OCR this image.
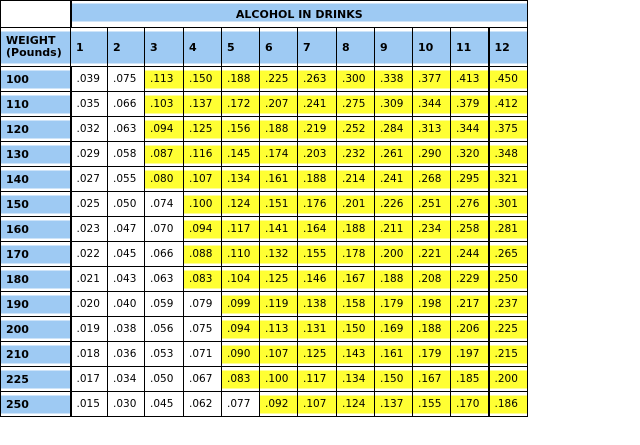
	ALCOHOL IN DRINKS											
WEIGHT
(Pounds)	1	2	3	4	5	6	7	8	9	10	11	12
100	.039	.075	.113	.150	.188	.225	.263	.300	.338	.377	.413	.450
110	.035	.066	.103	.137	.172	.207	.241	.275	.309	.344	.379	.412
120	.032	.063	.094	.125	.156	.188	.219	.252	.284	.313	.344	.375
130	.029	.058	.087	.116	.145	.174	.203	.232	.261	.290	.320	.348
140	.027	.055	.080	.107	.134	.161	.188	.214	.241	.268	.295	.321
150	.025	.050	.074	.100	.124	.151	.176	.201	.226	.251	.276	.301
160	.023	.047	.070	.094	.117	.141	.164	.188	.211	.234	.258	.281
170	.022	.045	.066	.088	.110	.132	.155	.178	.200	.221	.244	.265
180	.021	.043	.063	.083	.104	.125	.146	.167	.188	.208	.229	.250
190	.020	.040	.059	.079	.099	.119	.138	.158	.179	.198	.217	.237
200	.019	.038	.056	.075	.094	.113	.131	.150	.169	.188	.206	.225
210	.018	.036	.053	.071	.090	.107	.125	.143	.161	.179	.197	.215
225	.017	.034	.050	.067	.083	.100	.117	.134	.150	.167	.185	.200
250	.015	.030	.045	.062	.077	.092	.107	.124	.137	.155	.170	.186
